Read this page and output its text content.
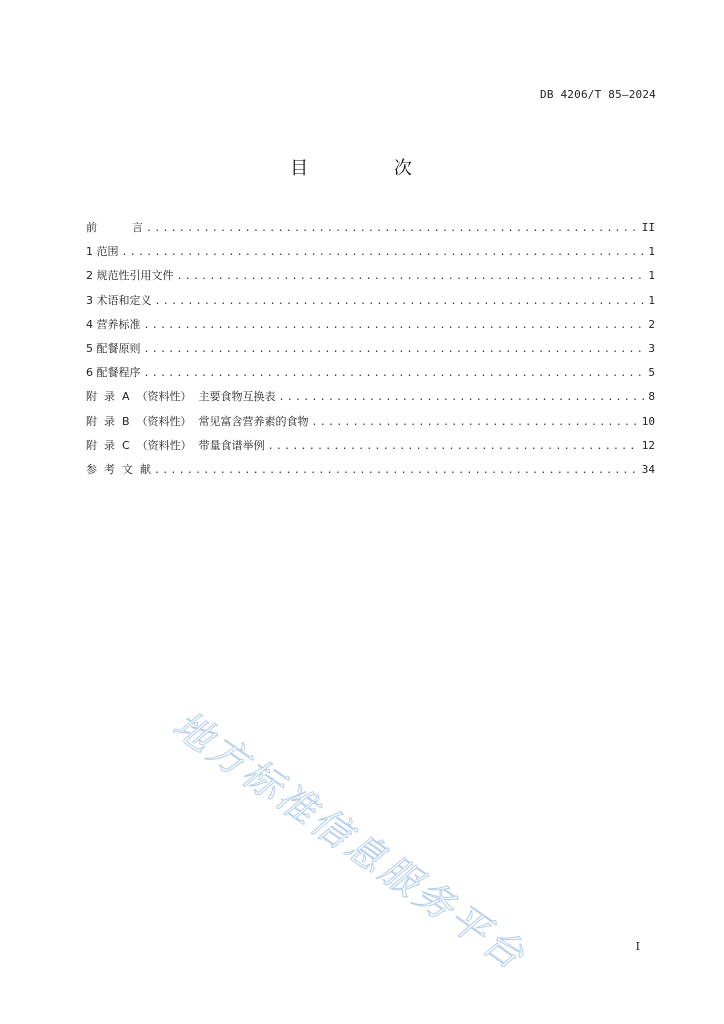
DB 4206/T 85—2024
目 次
前          言 .....	II
1 范围 .....	1
2 规范性引用文件 .....	1
3 术语和定义 .....	1
4 营养标准 .....	2
5 配餐原则 .....	3
6 配餐程序 .....	5
附  录  A  （资料性）  主要食物互换表 .....	8
附  录  B  （资料性）  常见富含营养素的食物 .....	10
附  录  C  （资料性）  带量食谱举例 .....	12
参  考  文  献 .....	34
地方标准信息服务平台	I
